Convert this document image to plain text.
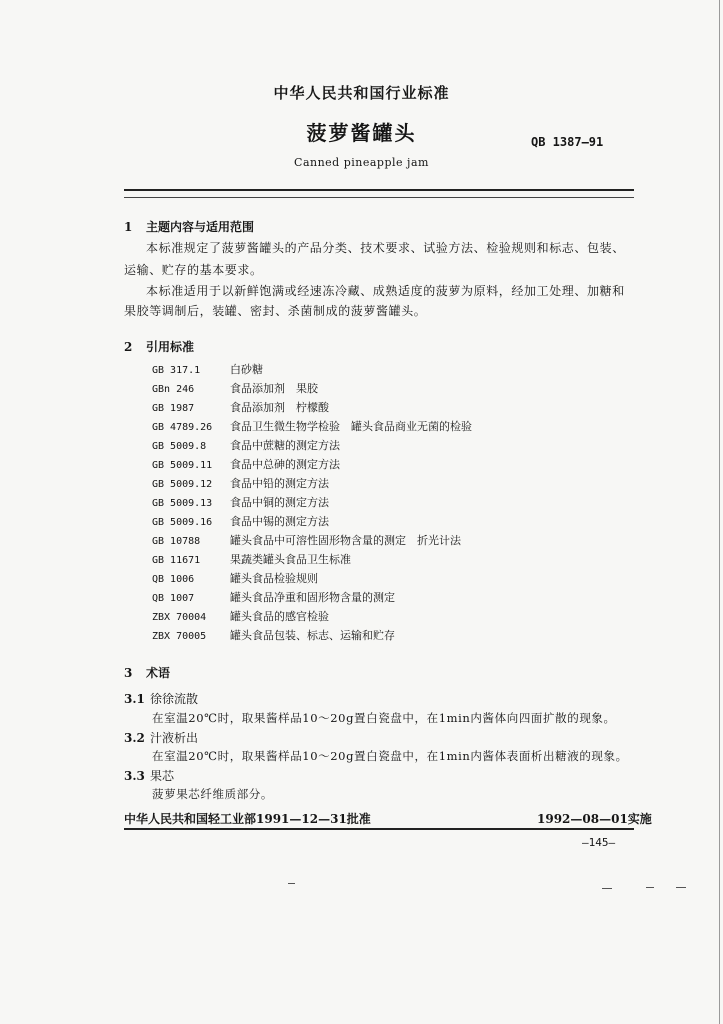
中华人民共和国行业标准
菠萝酱罐头	QB 1387—91
Canned pineapple jam
1 主题内容与适用范围
本标准规定了菠萝酱罐头的产品分类、技术要求、试验方法、检验规则和标志、包装、
运输、贮存的基本要求。
本标准适用于以新鲜饱满或经速冻冷藏、成熟适度的菠萝为原料，经加工处理、加糖和
果胶等调制后，装罐、密封、杀菌制成的菠萝酱罐头。
2 引用标准
GB 317.1	白砂糖
GBn 246	食品添加剂　果胶
GB 1987	食品添加剂　柠檬酸
GB 4789.26 食品卫生微生物学检验　罐头食品商业无菌的检验
GB 5009.8 食品中蔗糖的测定方法
GB 5009.11 食品中总砷的测定方法
GB 5009.12 食品中铅的测定方法
GB 5009.13 食品中铜的测定方法
GB 5009.16 食品中锡的测定方法
GB 10788	罐头食品中可溶性固形物含量的测定　折光计法
GB 11671	果蔬类罐头食品卫生标准
QB 1006	罐头食品检验规则
QB 1007	罐头食品净重和固形物含量的测定
ZBX 70004 罐头食品的感官检验
ZBX 70005 罐头食品包装、标志、运输和贮存
3 术语
3.1 徐徐流散
在室温20℃时，取果酱样品10～20g置白瓷盘中，在1min内酱体向四面扩散的现象。
3.2 汁液析出
在室温20℃时，取果酱样品10～20g置白瓷盘中，在1min内酱体表面析出糖液的现象。
3.3 果芯
菠萝果芯纤维质部分。
中华人民共和国轻工业部1991—12—31批准	1992—08—01实施
—145—
